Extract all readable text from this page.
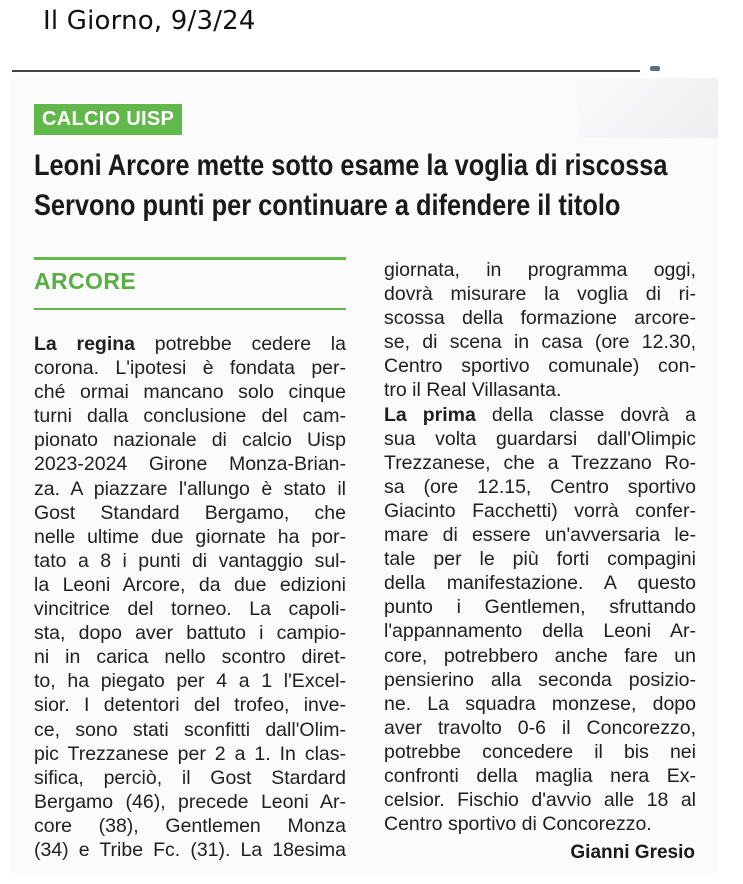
Il Giorno, 9/3/24
CALCIO UISP
Leoni Arcore mette sotto esame la voglia di riscossa
Servono punti per continuare a difendere il titolo
ARCORE
La regina potrebbe cedere la
corona. L'ipotesi è fondata per-
ché ormai mancano solo cinque
turni dalla conclusione del cam-
pionato nazionale di calcio Uisp
2023-2024 Girone Monza-Brian-
za. A piazzare l'allungo è stato il
Gost Standard Bergamo, che
nelle ultime due giornate ha por-
tato a 8 i punti di vantaggio sul-
la Leoni Arcore, da due edizioni
vincitrice del torneo. La capoli-
sta, dopo aver battuto i campio-
ni in carica nello scontro diret-
to, ha piegato per 4 a 1 l'Excel-
sior. I detentori del trofeo, inve-
ce, sono stati sconfitti dall'Olim-
pic Trezzanese per 2 a 1. In clas-
sifica, perciò, il Gost Stardard
Bergamo (46), precede Leoni Ar-
core (38), Gentlemen Monza
(34) e Tribe Fc. (31). La 18esima
giornata, in programma oggi,
dovrà misurare la voglia di ri-
scossa della formazione arcore-
se, di scena in casa (ore 12.30,
Centro sportivo comunale) con-
tro il Real Villasanta.
La prima della classe dovrà a
sua volta guardarsi dall'Olimpic
Trezzanese, che a Trezzano Ro-
sa (ore 12.15, Centro sportivo
Giacinto Facchetti) vorrà confer-
mare di essere un'avversaria le-
tale per le più forti compagini
della manifestazione. A questo
punto i Gentlemen, sfruttando
l'appannamento della Leoni Ar-
core, potrebbero anche fare un
pensierino alla seconda posizio-
ne. La squadra monzese, dopo
aver travolto 0-6 il Concorezzo,
potrebbe concedere il bis nei
confronti della maglia nera Ex-
celsior. Fischio d'avvio alle 18 al
Centro sportivo di Concorezzo.
Gianni Gresio
